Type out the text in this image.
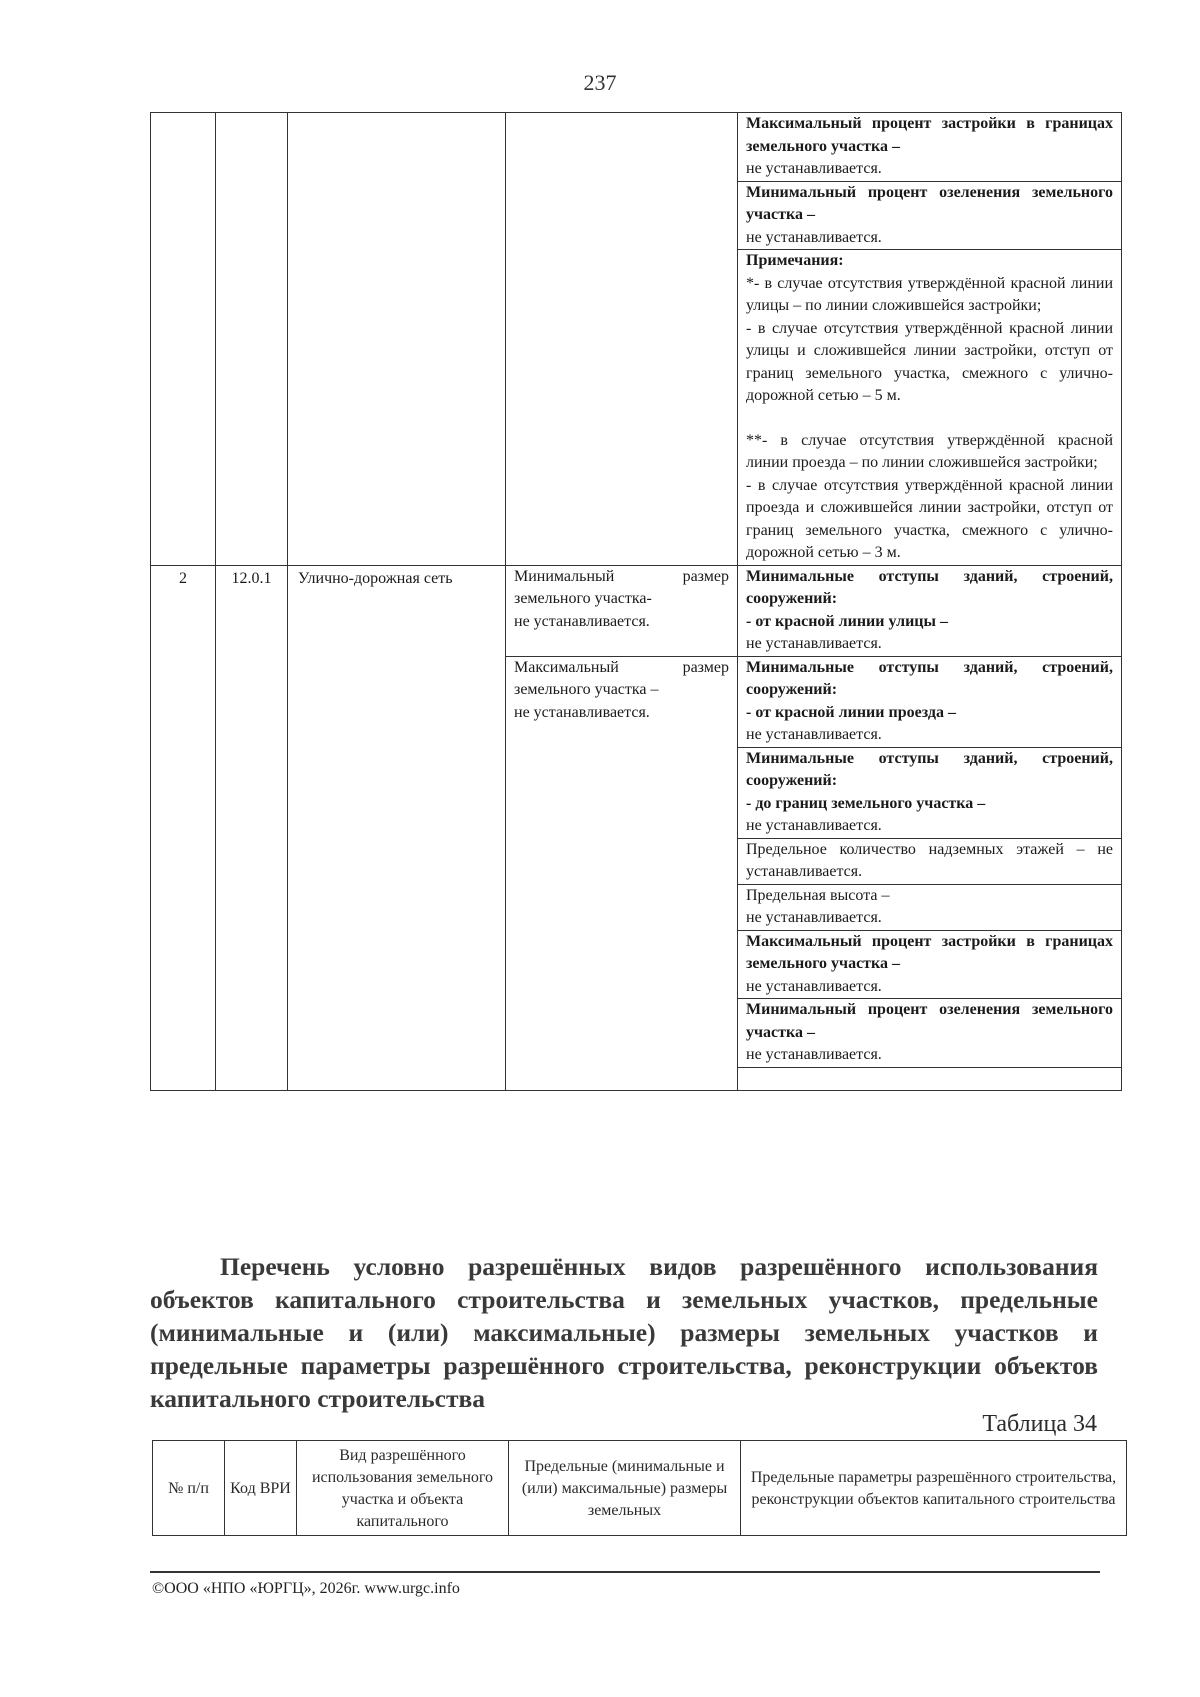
237
				Максимальный процент застройки в границах земельного участка –
не устанавливается.
				Минимальный процент озеленения земельного участка –
не устанавливается.

				Примечания:
*- в случае отсутствия утверждённой красной линии улицы – по линии сложившейся застройки;
- в случае отсутствия утверждённой красной линии улицы и сложившейся линии застройки, отступ от границ земельного участка, смежного с улично-дорожной сетью – 5 м.
**- в случае отсутствия утверждённой красной линии проезда – по линии сложившейся застройки;
- в случае отсутствия утверждённой красной линии проезда и сложившейся линии застройки, отступ от границ земельного участка, смежного с улично-дорожной сетью – 3 м.

2	12.0.1	Улично-дорожная сеть	Минимальный размер земельного участка-
не устанавливается.	Минимальные отступы зданий, строений, сооружений:
- от красной линии улицы –
не устанавливается.
			Максимальный размер земельного участка –
не устанавливается.	Минимальные отступы зданий, строений, сооружений:
- от красной линии проезда –
не устанавливается.
				Минимальные отступы зданий, строений, сооружений:
- до границ земельного участка –
не устанавливается.
				Предельное количество надземных этажей – не устанавливается.
				Предельная высота –
не устанавливается.
				Максимальный процент застройки в границах земельного участка –
не устанавливается.
				Минимальный процент озеленения земельного участка –
не устанавливается.

Перечень условно разрешённых видов разрешённого использования объектов капитального строительства и земельных участков, предельные (минимальные и (или) максимальные) размеры земельных участков и предельные параметры разрешённого строительства, реконструкции объектов капитального строительства
Таблица 34
№ п/п	Код ВРИ	Вид разрешённого использования земельного участка и объекта капитального	Предельные (минимальные и (или) максимальные) размеры земельных	Предельные параметры разрешённого строительства, реконструкции объектов капитального строительства
©ООО «НПО «ЮРГЦ», 2026г. www.urgc.info
